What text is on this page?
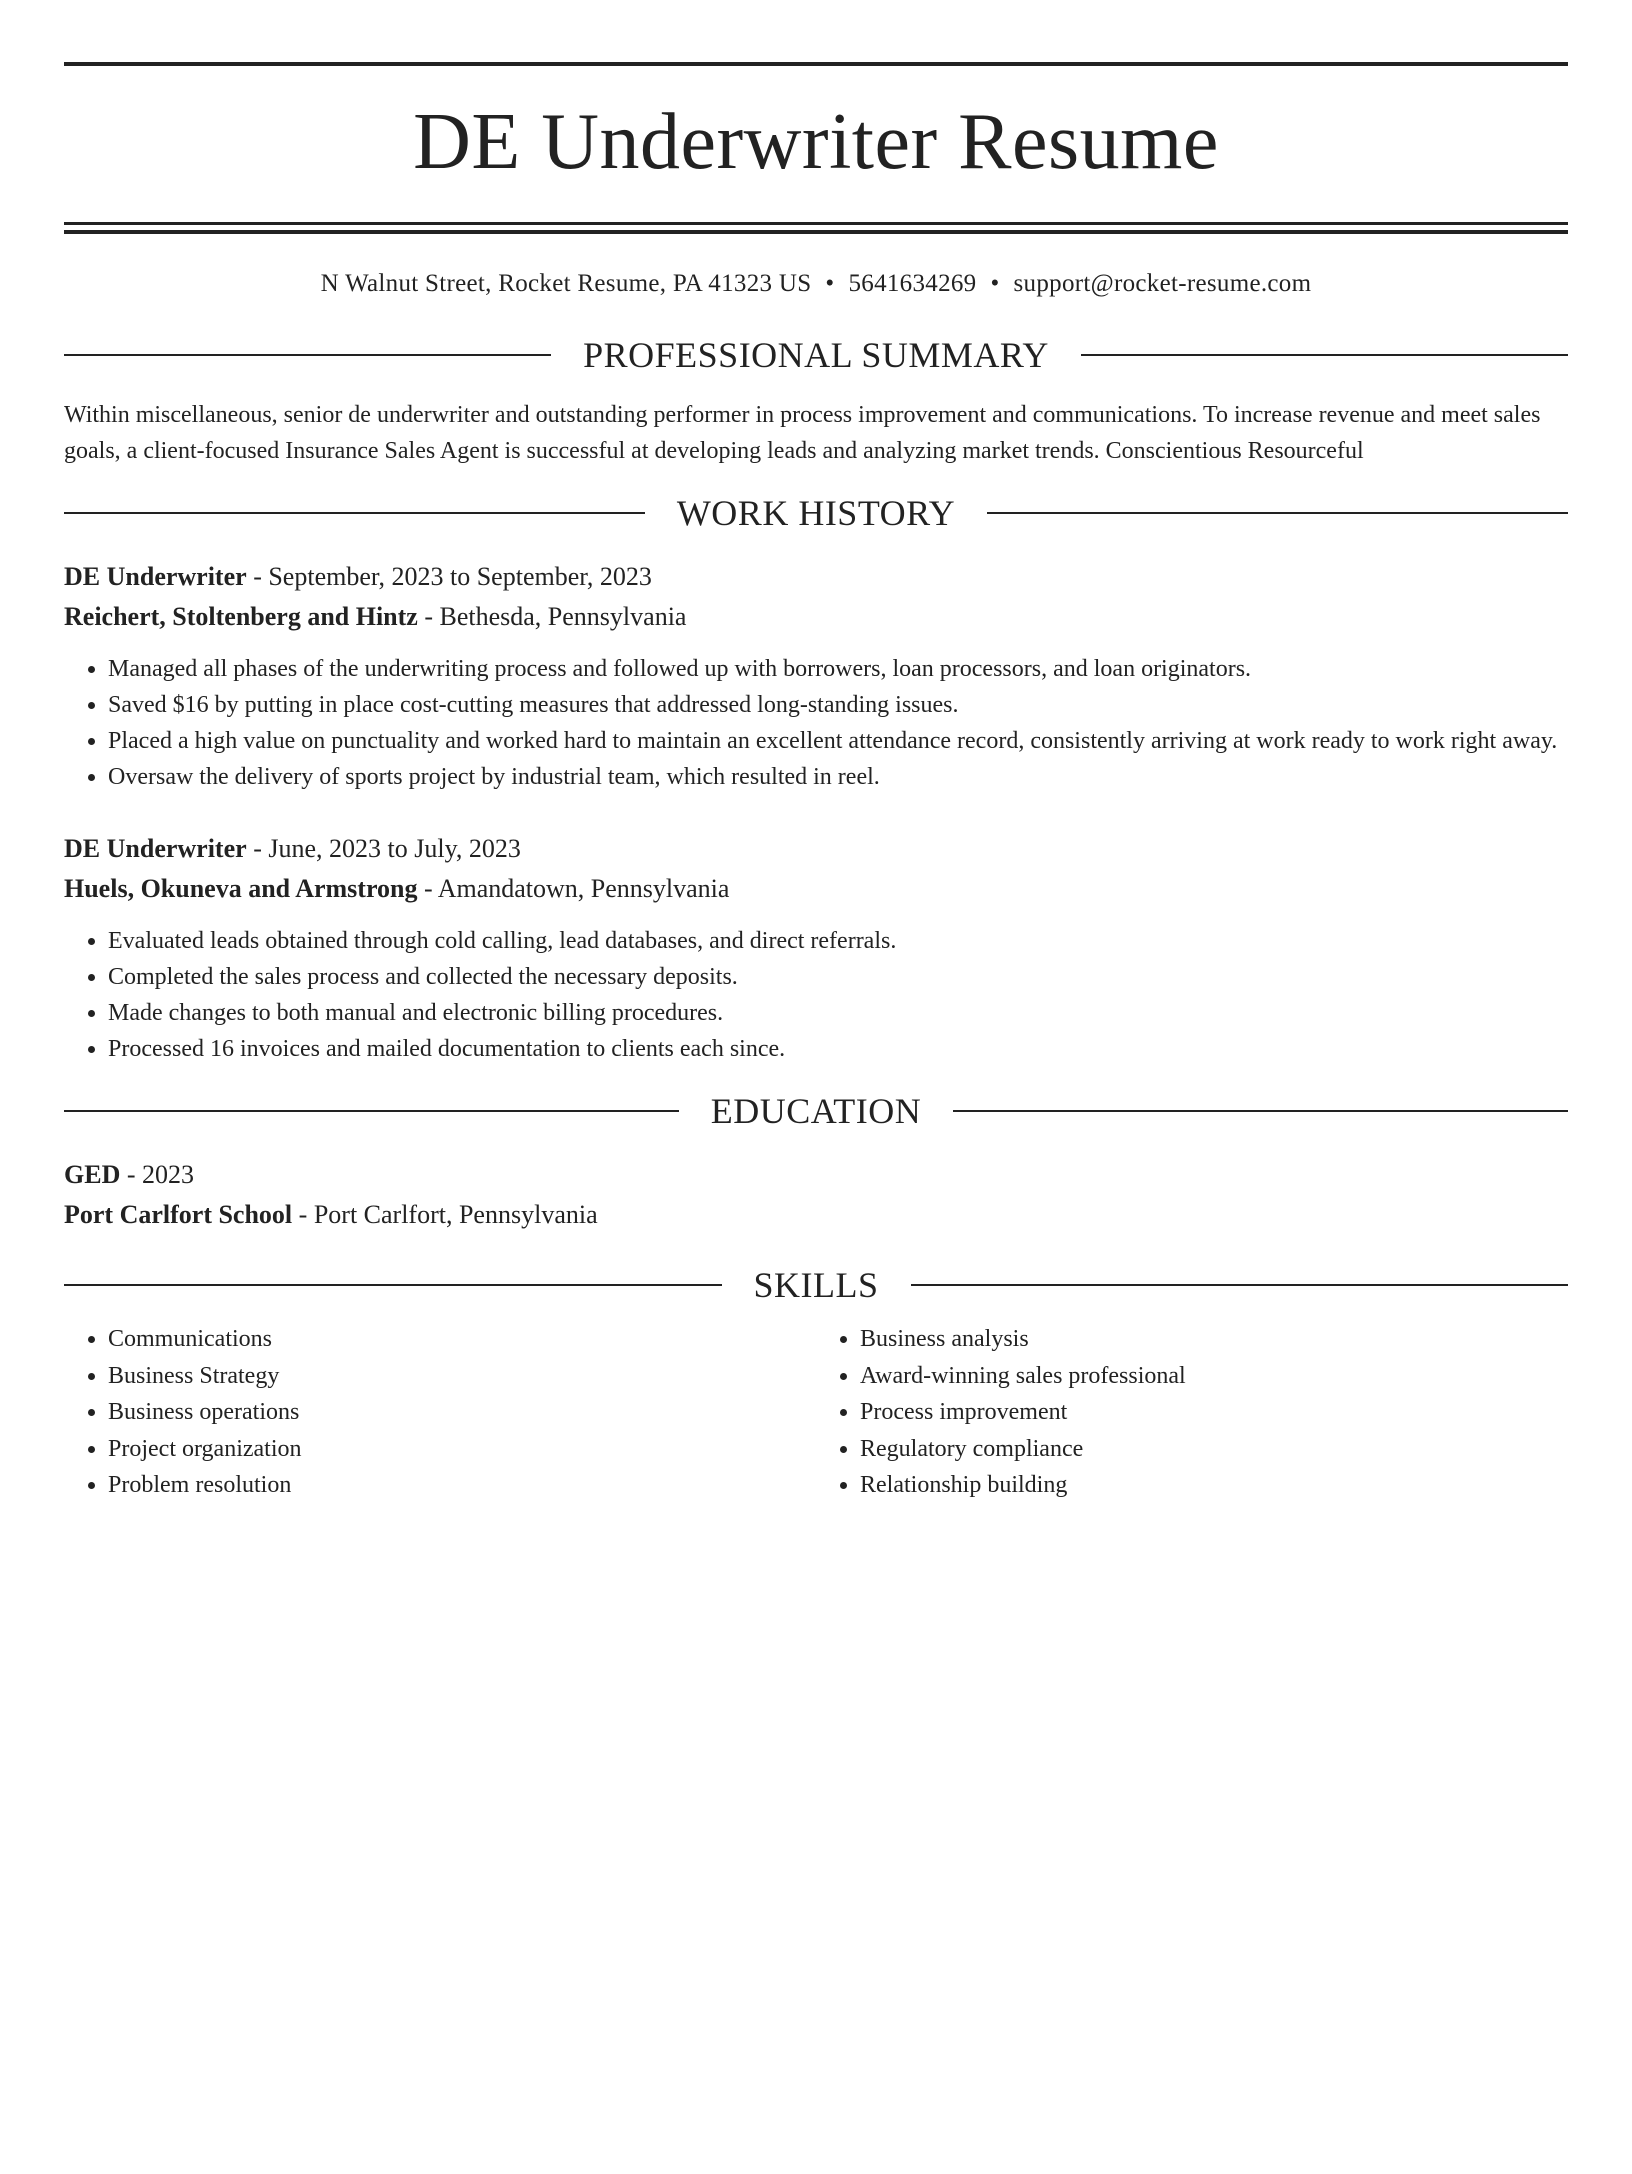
DE Underwriter Resume
N Walnut Street, Rocket Resume, PA 41323 US • 5641634269 • support@rocket-resume.com
PROFESSIONAL SUMMARY
Within miscellaneous, senior de underwriter and outstanding performer in process improvement and communications. To increase revenue and meet sales goals, a client-focused Insurance Sales Agent is successful at developing leads and analyzing market trends. Conscientious Resourceful
WORK HISTORY
DE Underwriter - September, 2023 to September, 2023
Reichert, Stoltenberg and Hintz - Bethesda, Pennsylvania
• Managed all phases of the underwriting process and followed up with borrowers, loan processors, and loan originators.
• Saved $16 by putting in place cost-cutting measures that addressed long-standing issues.
• Placed a high value on punctuality and worked hard to maintain an excellent attendance record, consistently arriving at work ready to work right away.
• Oversaw the delivery of sports project by industrial team, which resulted in reel.
DE Underwriter - June, 2023 to July, 2023
Huels, Okuneva and Armstrong - Amandatown, Pennsylvania
• Evaluated leads obtained through cold calling, lead databases, and direct referrals.
• Completed the sales process and collected the necessary deposits.
• Made changes to both manual and electronic billing procedures.
• Processed 16 invoices and mailed documentation to clients each since.
EDUCATION
GED - 2023
Port Carlfort School - Port Carlfort, Pennsylvania
SKILLS
• Communications
• Business Strategy
• Business operations
• Project organization
• Problem resolution
• Business analysis
• Award-winning sales professional
• Process improvement
• Regulatory compliance
• Relationship building
